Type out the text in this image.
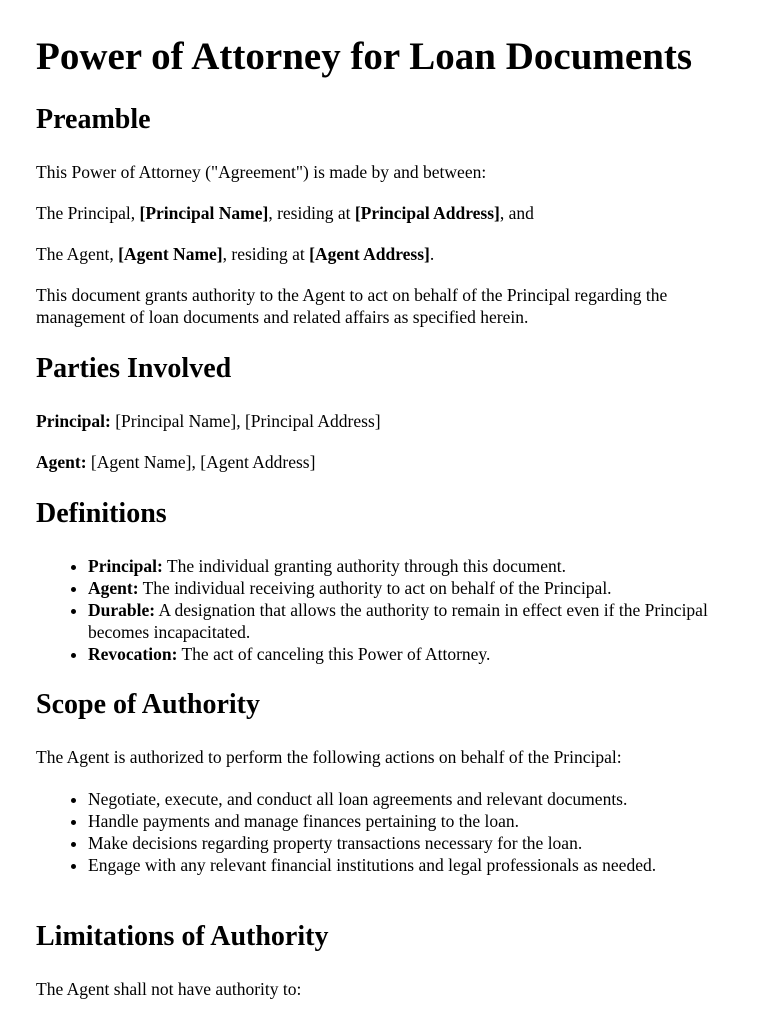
Power of Attorney for Loan Documents
Preamble

This Power of Attorney ("Agreement") is made by and between:

The Principal, [Principal Name], residing at [Principal Address], and

The Agent, [Agent Name], residing at [Agent Address].

This document grants authority to the Agent to act on behalf of the Principal regarding the management of loan documents and related affairs as specified herein.

Parties Involved

Principal: [Principal Name], [Principal Address]

Agent: [Agent Name], [Agent Address]

Definitions
• Principal: The individual granting authority through this document.
• Agent: The individual receiving authority to act on behalf of the Principal.
• Durable: A designation that allows the authority to remain in effect even if the Principal becomes incapacitated.
• Revocation: The act of canceling this Power of Attorney.
Scope of Authority

The Agent is authorized to perform the following actions on behalf of the Principal:

• Negotiate, execute, and conduct all loan agreements and relevant documents.
• Handle payments and manage finances pertaining to the loan.
• Make decisions regarding property transactions necessary for the loan.
• Engage with any relevant financial institutions and legal professionals as needed.
Limitations of Authority

The Agent shall not have authority to:
